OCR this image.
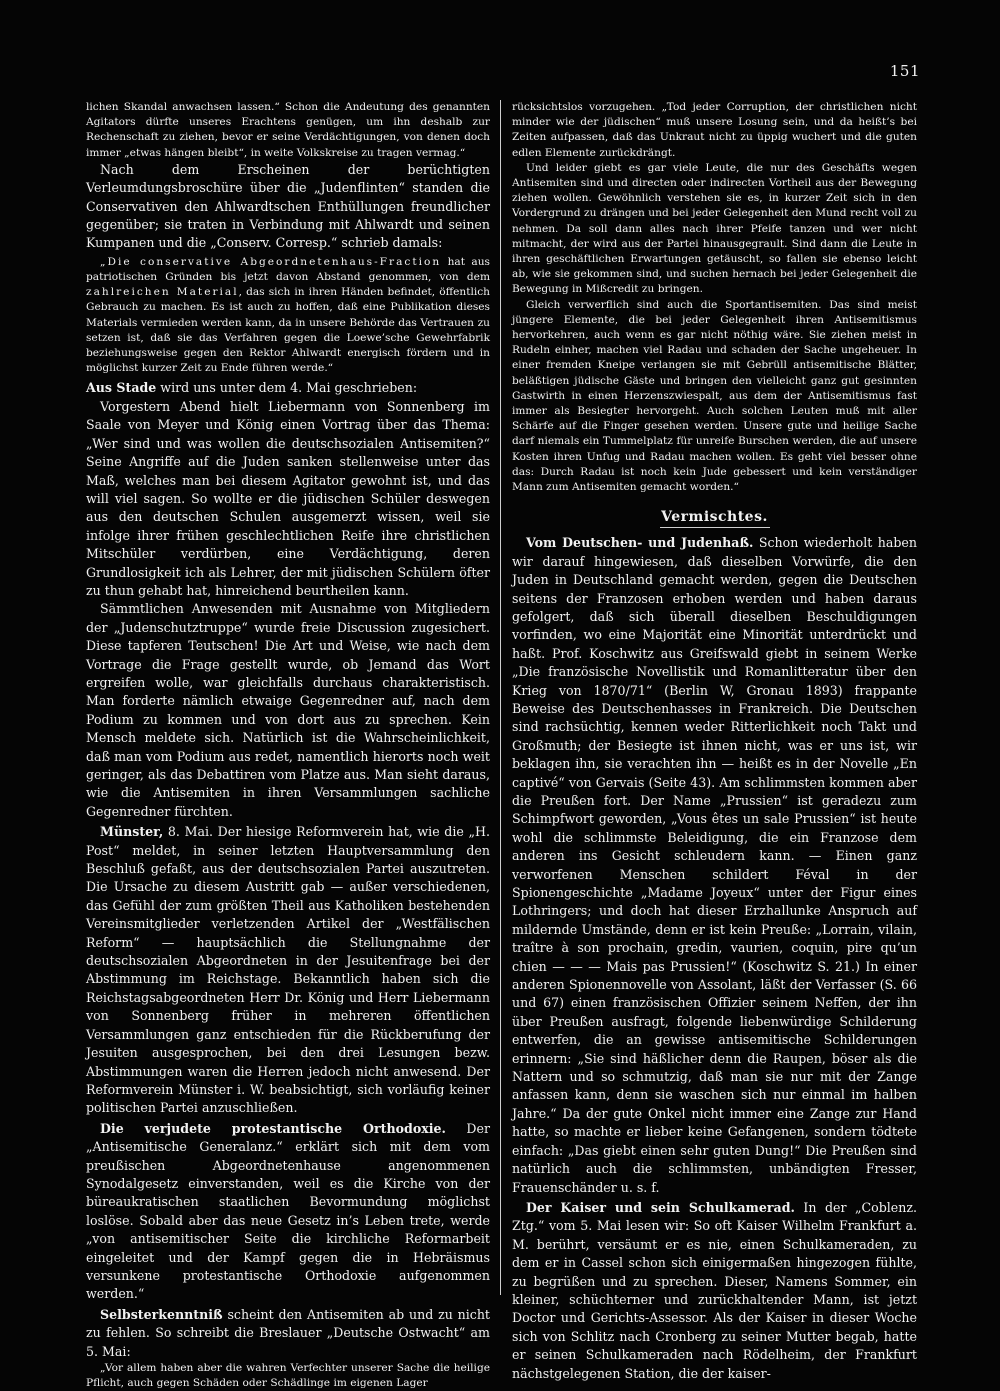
151

lichen Skandal anwachsen lassen.“ Schon die Andeutung des genannten Agitators dürfte unseres Erachtens genügen, um ihn deshalb zur Rechenschaft zu ziehen, bevor er seine Verdächtigungen, von denen doch immer „etwas hängen bleibt“, in weite Volkskreise zu tragen vermag.“

Nach dem Erscheinen der berüchtigten Verleumdungsbroschüre über die „Judenflinten“ standen die Conservativen den Ahlwardtschen Enthüllungen freundlicher gegenüber; sie traten in Verbindung mit Ahlwardt und seinen Kumpanen und die „Conserv. Corresp.“ schrieb damals:

„Die conservative Abgeordnetenhaus-Fraction hat aus patriotischen Gründen bis jetzt davon Abstand genommen, von dem zahlreichen Material, das sich in ihren Händen befindet, öffentlich Gebrauch zu machen. Es ist auch zu hoffen, daß eine Publikation dieses Materials vermieden werden kann, da in unsere Behörde das Vertrauen zu setzen ist, daß sie das Verfahren gegen die Loewe’sche Gewehrfabrik beziehungsweise gegen den Rektor Ahlwardt energisch fördern und in möglichst kurzer Zeit zu Ende führen werde.“

Aus Stade wird uns unter dem 4. Mai geschrieben:

Vorgestern Abend hielt Liebermann von Sonnenberg im Saale von Meyer und König einen Vortrag über das Thema: „Wer sind und was wollen die deutschsozialen Antisemiten?“ Seine Angriffe auf die Juden sanken stellenweise unter das Maß, welches man bei diesem Agitator gewohnt ist, und das will viel sagen. So wollte er die jüdischen Schüler deswegen aus den deutschen Schulen ausgemerzt wissen, weil sie infolge ihrer frühen geschlechtlichen Reife ihre christlichen Mitschüler verdürben, eine Verdächtigung, deren Grundlosigkeit ich als Lehrer, der mit jüdischen Schülern öfter zu thun gehabt hat, hinreichend beurtheilen kann.

Sämmtlichen Anwesenden mit Ausnahme von Mitgliedern der „Judenschutztruppe“ wurde freie Discussion zugesichert. Diese tapferen Teutschen! Die Art und Weise, wie nach dem Vortrage die Frage gestellt wurde, ob Jemand das Wort ergreifen wolle, war gleichfalls durchaus charakteristisch. Man forderte nämlich etwaige Gegenredner auf, nach dem Podium zu kommen und von dort aus zu sprechen. Kein Mensch meldete sich. Natürlich ist die Wahrscheinlichkeit, daß man vom Podium aus redet, namentlich hierorts noch weit geringer, als das Debattiren vom Platze aus. Man sieht daraus, wie die Antisemiten in ihren Versammlungen sachliche Gegenredner fürchten.

Münster, 8. Mai. Der hiesige Reformverein hat, wie die „H. Post“ meldet, in seiner letzten Hauptversammlung den Beschluß gefaßt, aus der deutschsozialen Partei auszutreten. Die Ursache zu diesem Austritt gab — außer verschiedenen, das Gefühl der zum größten Theil aus Katholiken bestehenden Vereinsmitglieder verletzenden Artikel der „Westfälischen Reform“ — hauptsächlich die Stellungnahme der deutschsozialen Abgeordneten in der Jesuitenfrage bei der Abstimmung im Reichstage. Bekanntlich haben sich die Reichstagsabgeordneten Herr Dr. König und Herr Liebermann von Sonnenberg früher in mehreren öffentlichen Versammlungen ganz entschieden für die Rückberufung der Jesuiten ausgesprochen, bei den drei Lesungen bezw. Abstimmungen waren die Herren jedoch nicht anwesend. Der Reformverein Münster i. W. beabsichtigt, sich vorläufig keiner politischen Partei anzuschließen.

Die verjudete protestantische Orthodoxie. Der „Antisemitische Generalanz.“ erklärt sich mit dem vom preußischen Abgeordnetenhause angenommenen Synodalgesetz einverstanden, weil es die Kirche von der büreaukratischen staatlichen Bevormundung möglichst loslöse. Sobald aber das neue Gesetz in’s Leben trete, werde „von antisemitischer Seite die kirchliche Reformarbeit eingeleitet und der Kampf gegen die in Hebräismus versunkene protestantische Orthodoxie aufgenommen werden.“

Selbsterkenntniß scheint den Antisemiten ab und zu nicht zu fehlen. So schreibt die Breslauer „Deutsche Ostwacht“ am 5. Mai:

„Vor allem haben aber die wahren Verfechter unserer Sache die heilige Pflicht, auch gegen Schäden oder Schädlinge im eigenen Lager

rücksichtslos vorzugehen. „Tod jeder Corruption, der christlichen nicht minder wie der jüdischen“ muß unsere Losung sein, und da heißt’s bei Zeiten aufpassen, daß das Unkraut nicht zu üppig wuchert und die guten edlen Elemente zurückdrängt.

Und leider giebt es gar viele Leute, die nur des Geschäfts wegen Antisemiten sind und directen oder indirecten Vortheil aus der Bewegung ziehen wollen. Gewöhnlich verstehen sie es, in kurzer Zeit sich in den Vordergrund zu drängen und bei jeder Gelegenheit den Mund recht voll zu nehmen. Da soll dann alles nach ihrer Pfeife tanzen und wer nicht mitmacht, der wird aus der Partei hinausgegrault. Sind dann die Leute in ihren geschäftlichen Erwartungen getäuscht, so fallen sie ebenso leicht ab, wie sie gekommen sind, und suchen hernach bei jeder Gelegenheit die Bewegung in Mißcredit zu bringen.

Gleich verwerflich sind auch die Sportantisemiten. Das sind meist jüngere Elemente, die bei jeder Gelegenheit ihren Antisemitismus hervorkehren, auch wenn es gar nicht nöthig wäre. Sie ziehen meist in Rudeln einher, machen viel Radau und schaden der Sache ungeheuer. In einer fremden Kneipe verlangen sie mit Gebrüll antisemitische Blätter, beläßtigen jüdische Gäste und bringen den vielleicht ganz gut gesinnten Gastwirth in einen Herzenszwiespalt, aus dem der Antisemitismus fast immer als Besiegter hervorgeht. Auch solchen Leuten muß mit aller Schärfe auf die Finger gesehen werden. Unsere gute und heilige Sache darf niemals ein Tummelplatz für unreife Burschen werden, die auf unsere Kosten ihren Unfug und Radau machen wollen. Es geht viel besser ohne das: Durch Radau ist noch kein Jude gebessert und kein verständiger Mann zum Antisemiten gemacht worden.“

Vermischtes.

Vom Deutschen- und Judenhaß. Schon wiederholt haben wir darauf hingewiesen, daß dieselben Vorwürfe, die den Juden in Deutschland gemacht werden, gegen die Deutschen seitens der Franzosen erhoben werden und haben daraus gefolgert, daß sich überall dieselben Beschuldigungen vorfinden, wo eine Majorität eine Minorität unterdrückt und haßt. Prof. Koschwitz aus Greifswald giebt in seinem Werke „Die französische Novellistik und Romanlitteratur über den Krieg von 1870/71“ (Berlin W, Gronau 1893) frappante Beweise des Deutschenhasses in Frankreich. Die Deutschen sind rachsüchtig, kennen weder Ritterlichkeit noch Takt und Großmuth; der Besiegte ist ihnen nicht, was er uns ist, wir beklagen ihn, sie verachten ihn — heißt es in der Novelle „En captivé“ von Gervais (Seite 43). Am schlimmsten kommen aber die Preußen fort. Der Name „Prussien“ ist geradezu zum Schimpfwort geworden, „Vous êtes un sale Prussien“ ist heute wohl die schlimmste Beleidigung, die ein Franzose dem anderen ins Gesicht schleudern kann. — Einen ganz verworfenen Menschen schildert Féval in der Spionengeschichte „Madame Joyeux“ unter der Figur eines Lothringers; und doch hat dieser Erzhallunke Anspruch auf mildernde Umstände, denn er ist kein Preuße: „Lorrain, vilain, traître à son prochain, gredin, vaurien, coquin, pire qu’un chien — — — Mais pas Prussien!“ (Koschwitz S. 21.) In einer anderen Spionennovelle von Assolant, läßt der Verfasser (S. 66 und 67) einen französischen Offizier seinem Neffen, der ihn über Preußen ausfragt, folgende liebenwürdige Schilderung entwerfen, die an gewisse antisemitische Schilderungen erinnern: „Sie sind häßlicher denn die Raupen, böser als die Nattern und so schmutzig, daß man sie nur mit der Zange anfassen kann, denn sie waschen sich nur einmal im halben Jahre.“ Da der gute Onkel nicht immer eine Zange zur Hand hatte, so machte er lieber keine Gefangenen, sondern tödtete einfach: „Das giebt einen sehr guten Dung!“ Die Preußen sind natürlich auch die schlimmsten, unbändigten Fresser, Frauenschänder u. s. f.

Der Kaiser und sein Schulkamerad. In der „Coblenz. Ztg.“ vom 5. Mai lesen wir: So oft Kaiser Wilhelm Frankfurt a. M. berührt, versäumt er es nie, einen Schulkameraden, zu dem er in Cassel schon sich einigermaßen hingezogen fühlte, zu begrüßen und zu sprechen. Dieser, Namens Sommer, ein kleiner, schüchterner und zurückhaltender Mann, ist jetzt Doctor und Gerichts-Assessor. Als der Kaiser in dieser Woche sich von Schlitz nach Cronberg zu seiner Mutter begab, hatte er seinen Schulkameraden nach Rödelheim, der Frankfurt nächstgelegenen Station, die der kaiser-
